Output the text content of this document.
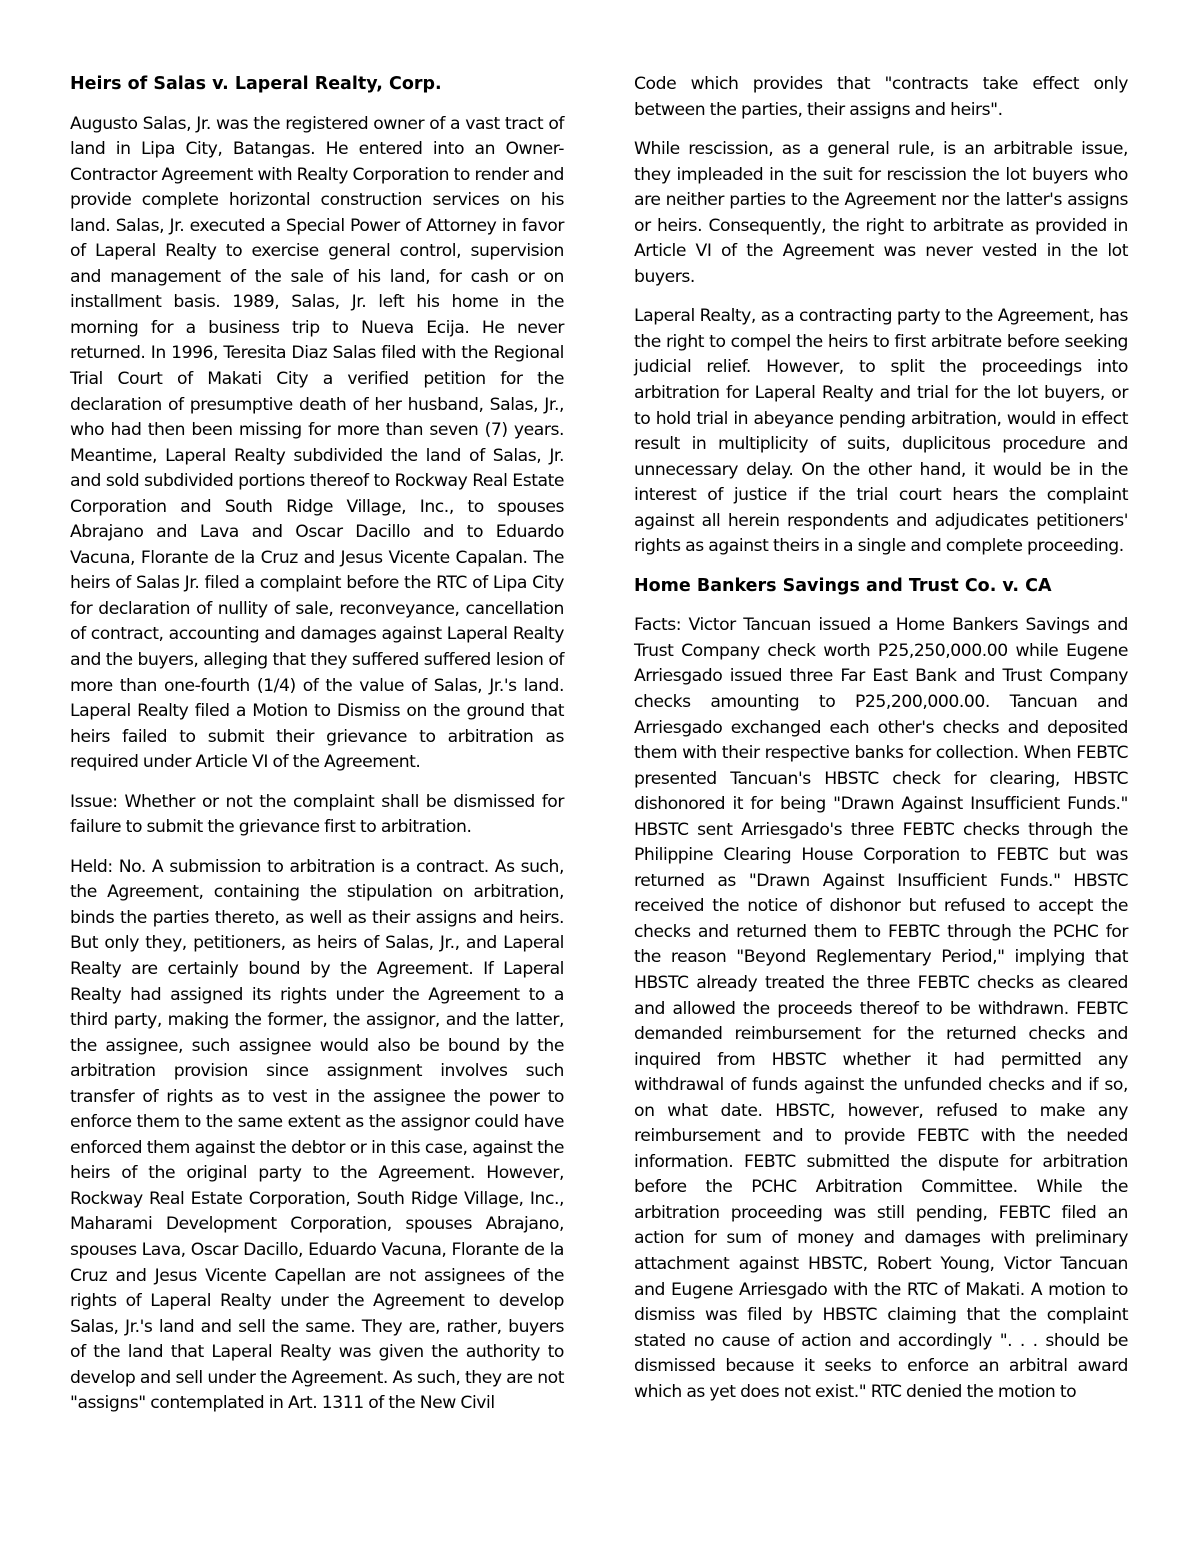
Heirs of Salas v. Laperal Realty, Corp.

Augusto Salas, Jr. was the registered owner of a vast tract of land in Lipa City, Batangas. He entered into an Owner-Contractor Agreement with Realty Corporation to render and provide complete horizontal construction services on his land. Salas, Jr. executed a Special Power of Attorney in favor of Laperal Realty to exercise general control, supervision and management of the sale of his land, for cash or on installment basis. 1989, Salas, Jr. left his home in the morning for a business trip to Nueva Ecija. He never returned. In 1996, Teresita Diaz Salas filed with the Regional Trial Court of Makati City a verified petition for the declaration of presumptive death of her husband, Salas, Jr., who had then been missing for more than seven (7) years. Meantime, Laperal Realty subdivided the land of Salas, Jr. and sold subdivided portions thereof to Rockway Real Estate Corporation and South Ridge Village, Inc., to spouses Abrajano and Lava and Oscar Dacillo and to Eduardo Vacuna, Florante de la Cruz and Jesus Vicente Capalan. The heirs of Salas Jr. filed a complaint before the RTC of Lipa City for declaration of nullity of sale, reconveyance, cancellation of contract, accounting and damages against Laperal Realty and the buyers, alleging that they suffered suffered lesion of more than one-fourth (1/4) of the value of Salas, Jr.'s land. Laperal Realty filed a Motion to Dismiss on the ground that heirs failed to submit their grievance to arbitration as required under Article VI of the Agreement.

Issue: Whether or not the complaint shall be dismissed for failure to submit the grievance first to arbitration.

Held: No. A submission to arbitration is a contract. As such, the Agreement, containing the stipulation on arbitration, binds the parties thereto, as well as their assigns and heirs. But only they, petitioners, as heirs of Salas, Jr., and Laperal Realty are certainly bound by the Agreement. If Laperal Realty had assigned its rights under the Agreement to a third party, making the former, the assignor, and the latter, the assignee, such assignee would also be bound by the arbitration provision since assignment involves such transfer of rights as to vest in the assignee the power to enforce them to the same extent as the assignor could have enforced them against the debtor or in this case, against the heirs of the original party to the Agreement. However, Rockway Real Estate Corporation, South Ridge Village, Inc., Maharami Development Corporation, spouses Abrajano, spouses Lava, Oscar Dacillo, Eduardo Vacuna, Florante de la Cruz and Jesus Vicente Capellan are not assignees of the rights of Laperal Realty under the Agreement to develop Salas, Jr.'s land and sell the same. They are, rather, buyers of the land that Laperal Realty was given the authority to develop and sell under the Agreement. As such, they are not "assigns" contemplated in Art. 1311 of the New Civil

Code which provides that "contracts take effect only between the parties, their assigns and heirs".

While rescission, as a general rule, is an arbitrable issue, they impleaded in the suit for rescission the lot buyers who are neither parties to the Agreement nor the latter's assigns or heirs. Consequently, the right to arbitrate as provided in Article VI of the Agreement was never vested in the lot buyers.

Laperal Realty, as a contracting party to the Agreement, has the right to compel the heirs to first arbitrate before seeking judicial relief. However, to split the proceedings into arbitration for Laperal Realty and trial for the lot buyers, or to hold trial in abeyance pending arbitration, would in effect result in multiplicity of suits, duplicitous procedure and unnecessary delay. On the other hand, it would be in the interest of justice if the trial court hears the complaint against all herein respondents and adjudicates petitioners' rights as against theirs in a single and complete proceeding.

Home Bankers Savings and Trust Co. v. CA

Facts: Victor Tancuan issued a Home Bankers Savings and Trust Company check worth P25,250,000.00 while Eugene Arriesgado issued three Far East Bank and Trust Company checks amounting to P25,200,000.00. Tancuan and Arriesgado exchanged each other's checks and deposited them with their respective banks for collection. When FEBTC presented Tancuan's HBSTC check for clearing, HBSTC dishonored it for being "Drawn Against Insufficient Funds." HBSTC sent Arriesgado's three FEBTC checks through the Philippine Clearing House Corporation to FEBTC but was returned as "Drawn Against Insufficient Funds." HBSTC received the notice of dishonor but refused to accept the checks and returned them to FEBTC through the PCHC for the reason "Beyond Reglementary Period," implying that HBSTC already treated the three FEBTC checks as cleared and allowed the proceeds thereof to be withdrawn. FEBTC demanded reimbursement for the returned checks and inquired from HBSTC whether it had permitted any withdrawal of funds against the unfunded checks and if so, on what date. HBSTC, however, refused to make any reimbursement and to provide FEBTC with the needed information. FEBTC submitted the dispute for arbitration before the PCHC Arbitration Committee. While the arbitration proceeding was still pending, FEBTC filed an action for sum of money and damages with preliminary attachment against HBSTC, Robert Young, Victor Tancuan and Eugene Arriesgado with the RTC of Makati. A motion to dismiss was filed by HBSTC claiming that the complaint stated no cause of action and accordingly ". . . should be dismissed because it seeks to enforce an arbitral award which as yet does not exist." RTC denied the motion to
